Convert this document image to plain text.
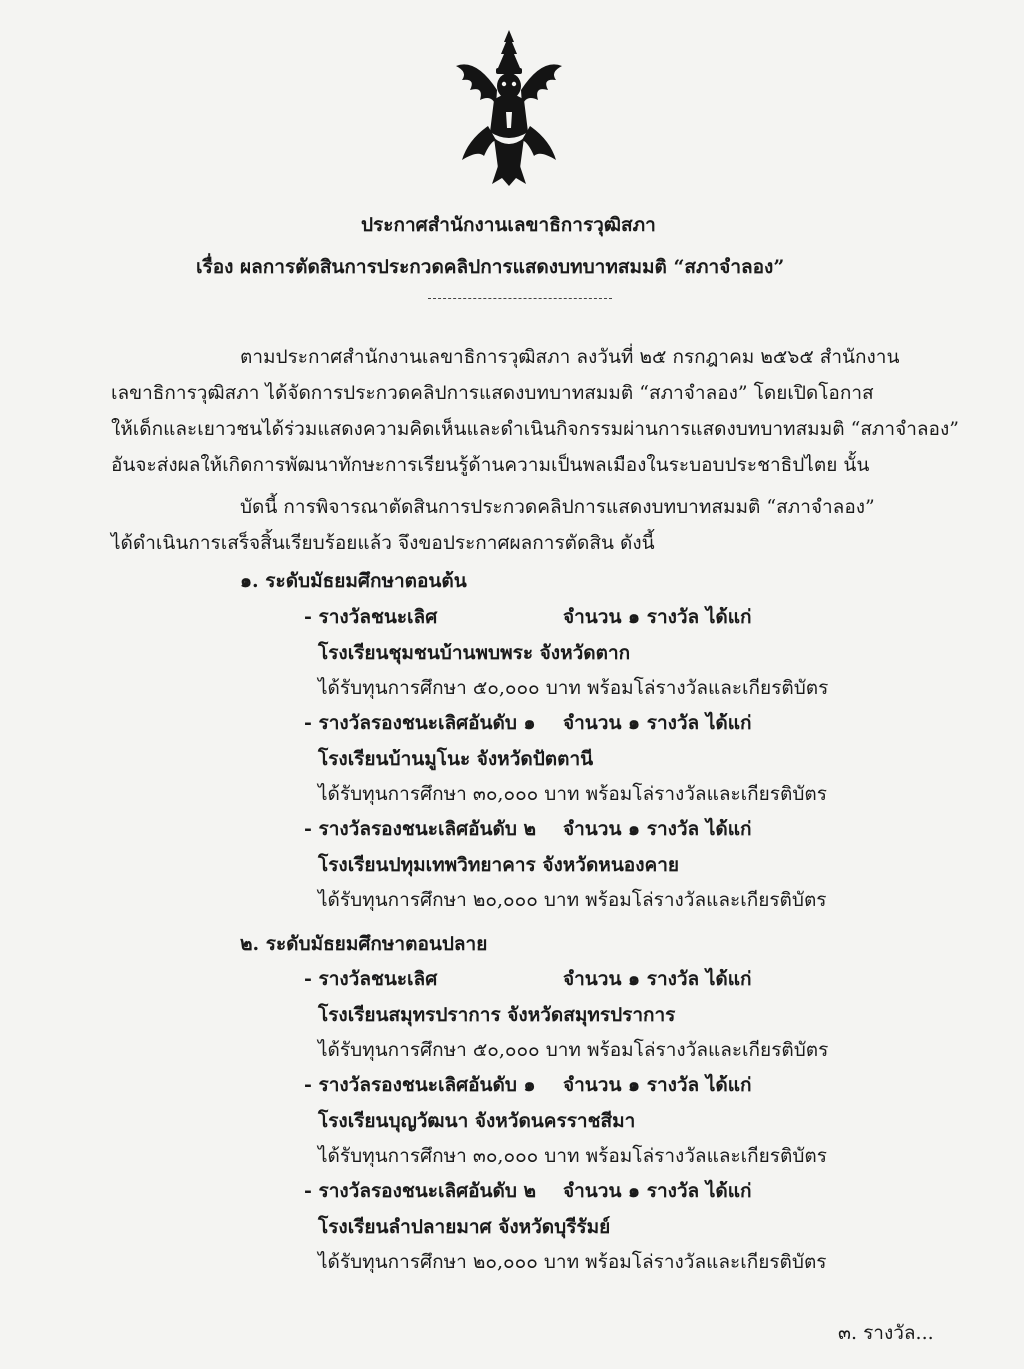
ประกาศสำนักงานเลขาธิการวุฒิสภา
เรื่อง ผลการตัดสินการประกวดคลิปการแสดงบทบาทสมมติ “สภาจำลอง”
ตามประกาศสำนักงานเลขาธิการวุฒิสภา ลงวันที่ ๒๕ กรกฎาคม ๒๕๖๕ สำนักงาน
เลขาธิการวุฒิสภา ได้จัดการประกวดคลิปการแสดงบทบาทสมมติ “สภาจำลอง” โดยเปิดโอกาส
ให้เด็กและเยาวชนได้ร่วมแสดงความคิดเห็นและดำเนินกิจกรรมผ่านการแสดงบทบาทสมมติ “สภาจำลอง”
อันจะส่งผลให้เกิดการพัฒนาทักษะการเรียนรู้ด้านความเป็นพลเมืองในระบอบประชาธิปไตย นั้น
บัดนี้ การพิจารณาตัดสินการประกวดคลิปการแสดงบทบาทสมมติ “สภาจำลอง”
ได้ดำเนินการเสร็จสิ้นเรียบร้อยแล้ว จึงขอประกาศผลการตัดสิน ดังนี้
๑. ระดับมัธยมศึกษาตอนต้น
- รางวัลชนะเลิศ	จำนวน ๑ รางวัล ได้แก่
โรงเรียนชุมชนบ้านพบพระ จังหวัดตาก
ได้รับทุนการศึกษา ๕๐,๐๐๐ บาท พร้อมโล่รางวัลและเกียรติบัตร
- รางวัลรองชนะเลิศอันดับ ๑ จำนวน ๑ รางวัล ได้แก่
โรงเรียนบ้านมูโนะ จังหวัดปัตตานี
ได้รับทุนการศึกษา ๓๐,๐๐๐ บาท พร้อมโล่รางวัลและเกียรติบัตร
- รางวัลรองชนะเลิศอันดับ ๒ จำนวน ๑ รางวัล ได้แก่
โรงเรียนปทุมเทพวิทยาคาร จังหวัดหนองคาย
ได้รับทุนการศึกษา ๒๐,๐๐๐ บาท พร้อมโล่รางวัลและเกียรติบัตร
๒. ระดับมัธยมศึกษาตอนปลาย
- รางวัลชนะเลิศ	จำนวน ๑ รางวัล ได้แก่
โรงเรียนสมุทรปราการ จังหวัดสมุทรปราการ
ได้รับทุนการศึกษา ๕๐,๐๐๐ บาท พร้อมโล่รางวัลและเกียรติบัตร
- รางวัลรองชนะเลิศอันดับ ๑ จำนวน ๑ รางวัล ได้แก่
โรงเรียนบุญวัฒนา จังหวัดนครราชสีมา
ได้รับทุนการศึกษา ๓๐,๐๐๐ บาท พร้อมโล่รางวัลและเกียรติบัตร
- รางวัลรองชนะเลิศอันดับ ๒ จำนวน ๑ รางวัล ได้แก่
โรงเรียนลำปลายมาศ จังหวัดบุรีรัมย์
ได้รับทุนการศึกษา ๒๐,๐๐๐ บาท พร้อมโล่รางวัลและเกียรติบัตร
๓. รางวัล...
